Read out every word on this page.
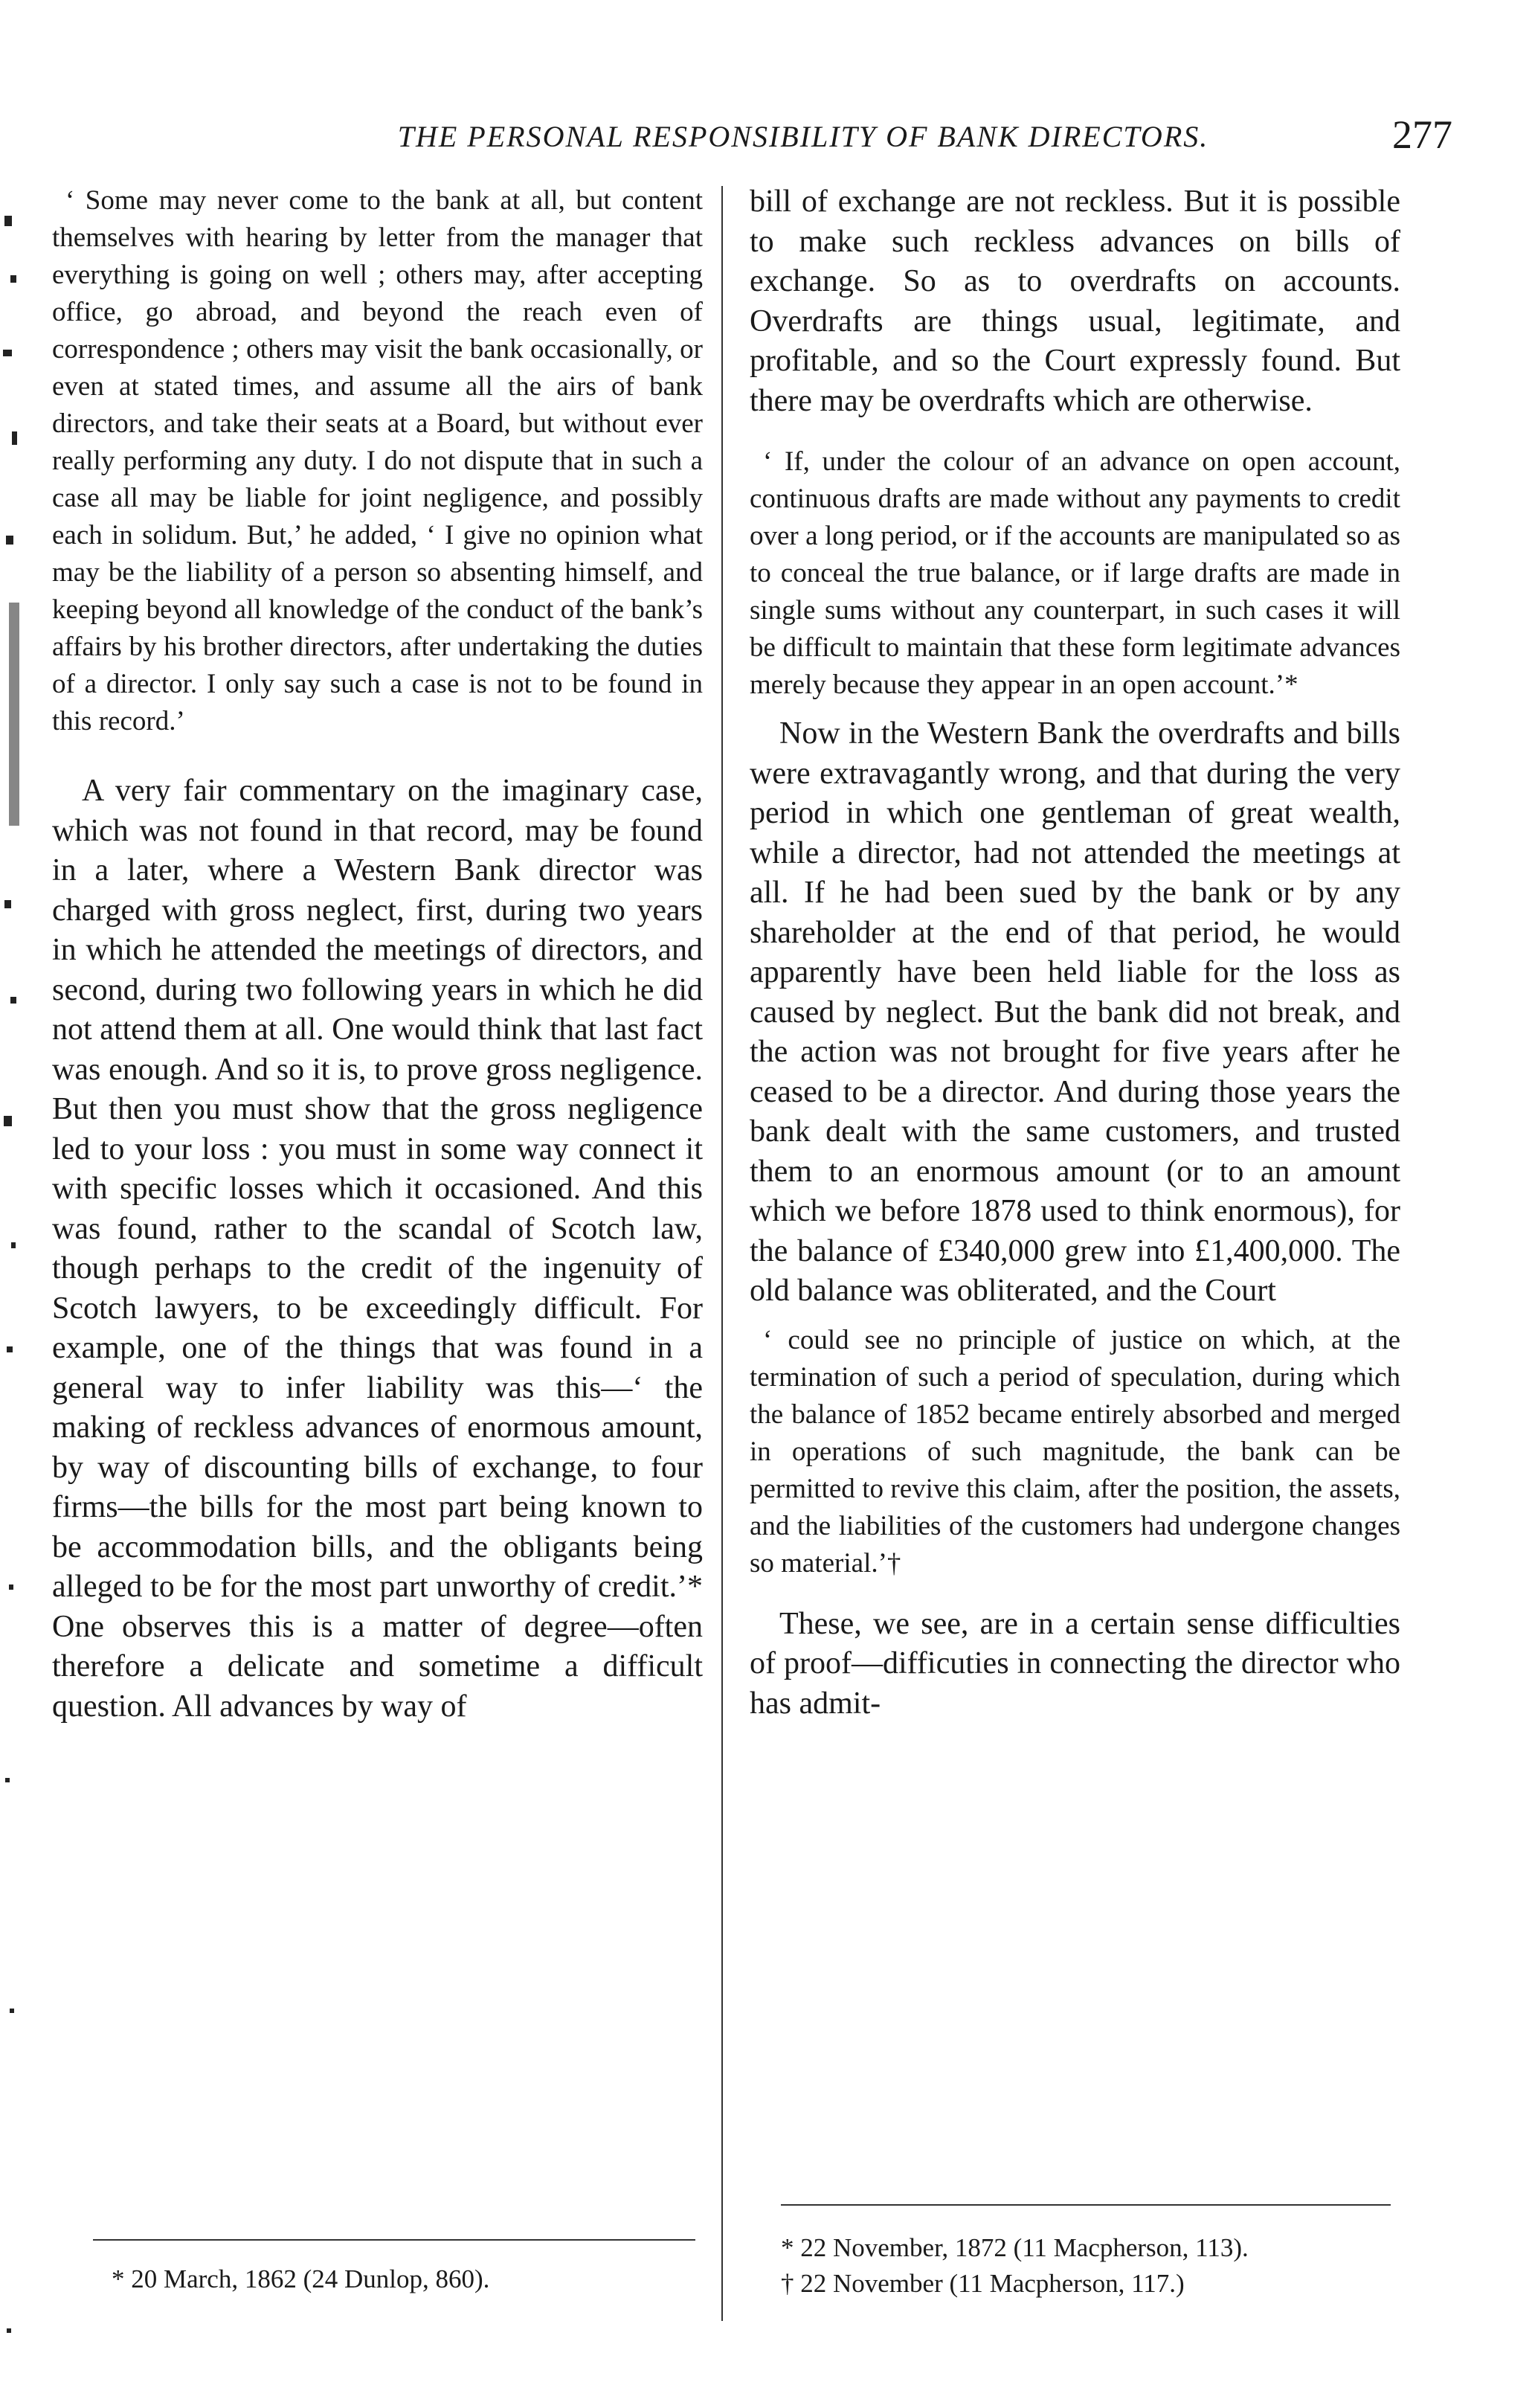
THE PERSONAL RESPONSIBILITY OF BANK DIRECTORS.	277

‘ Some may never come to the bank at all, but content themselves with hearing by letter from the manager that everything is going on well ; others may, after accepting office, go abroad, and beyond the reach even of correspondence ; others may visit the bank occasionally, or even at stated times, and assume all the airs of bank directors, and take their seats at a Board, but without ever really performing any duty. I do not dispute that in such a case all may be liable for joint negligence, and possibly each in solidum. But,’ he added, ‘ I give no opinion what may be the liability of a person so absenting himself, and keeping beyond all knowledge of the conduct of the bank’s affairs by his brother directors, after undertaking the duties of a director. I only say such a case is not to be found in this record.’

A very fair commentary on the imaginary case, which was not found in that record, may be found in a later, where a Western Bank director was charged with gross neglect, first, during two years in which he attended the meetings of directors, and second, during two following years in which he did not attend them at all. One would think that last fact was enough. And so it is, to prove gross negligence. But then you must show that the gross negligence led to your loss : you must in some way connect it with specific losses which it occasioned. And this was found, rather to the scandal of Scotch law, though perhaps to the credit of the ingenuity of Scotch lawyers, to be exceedingly difficult. For example, one of the things that was found in a general way to infer liability was this—‘ the making of reckless advances of enormous amount, by way of discounting bills of exchange, to four firms—the bills for the most part being known to be accommodation bills, and the obligants being alleged to be for the most part unworthy of credit.’* One observes this is a matter of degree—often therefore a delicate and sometime a difficult question. All advances by way of

bill of exchange are not reckless. But it is possible to make such reckless advances on bills of exchange. So as to overdrafts on accounts. Overdrafts are things usual, legitimate, and profitable, and so the Court expressly found. But there may be overdrafts which are otherwise.

‘ If, under the colour of an advance on open account, continuous drafts are made without any payments to credit over a long period, or if the accounts are manipulated so as to conceal the true balance, or if large drafts are made in single sums without any counterpart, in such cases it will be difficult to maintain that these form legitimate advances merely because they appear in an open account.’*

Now in the Western Bank the overdrafts and bills were extravagantly wrong, and that during the very period in which one gentleman of great wealth, while a director, had not attended the meetings at all. If he had been sued by the bank or by any shareholder at the end of that period, he would apparently have been held liable for the loss as caused by neglect. But the bank did not break, and the action was not brought for five years after he ceased to be a director. And during those years the bank dealt with the same customers, and trusted them to an enormous amount (or to an amount which we before 1878 used to think enormous), for the balance of £340,000 grew into £1,400,000. The old balance was obliterated, and the Court

‘ could see no principle of justice on which, at the termination of such a period of speculation, during which the balance of 1852 became entirely absorbed and merged in operations of such magnitude, the bank can be permitted to revive this claim, after the position, the assets, and the liabilities of the customers had undergone changes so material.’†

These, we see, are in a certain sense difficulties of proof—difficuties in connecting the director who has admit-

* 20 March, 1862 (24 Dunlop, 860).
* 22 November, 1872 (11 Macpherson, 113).
† 22 November (11 Macpherson, 117.)
